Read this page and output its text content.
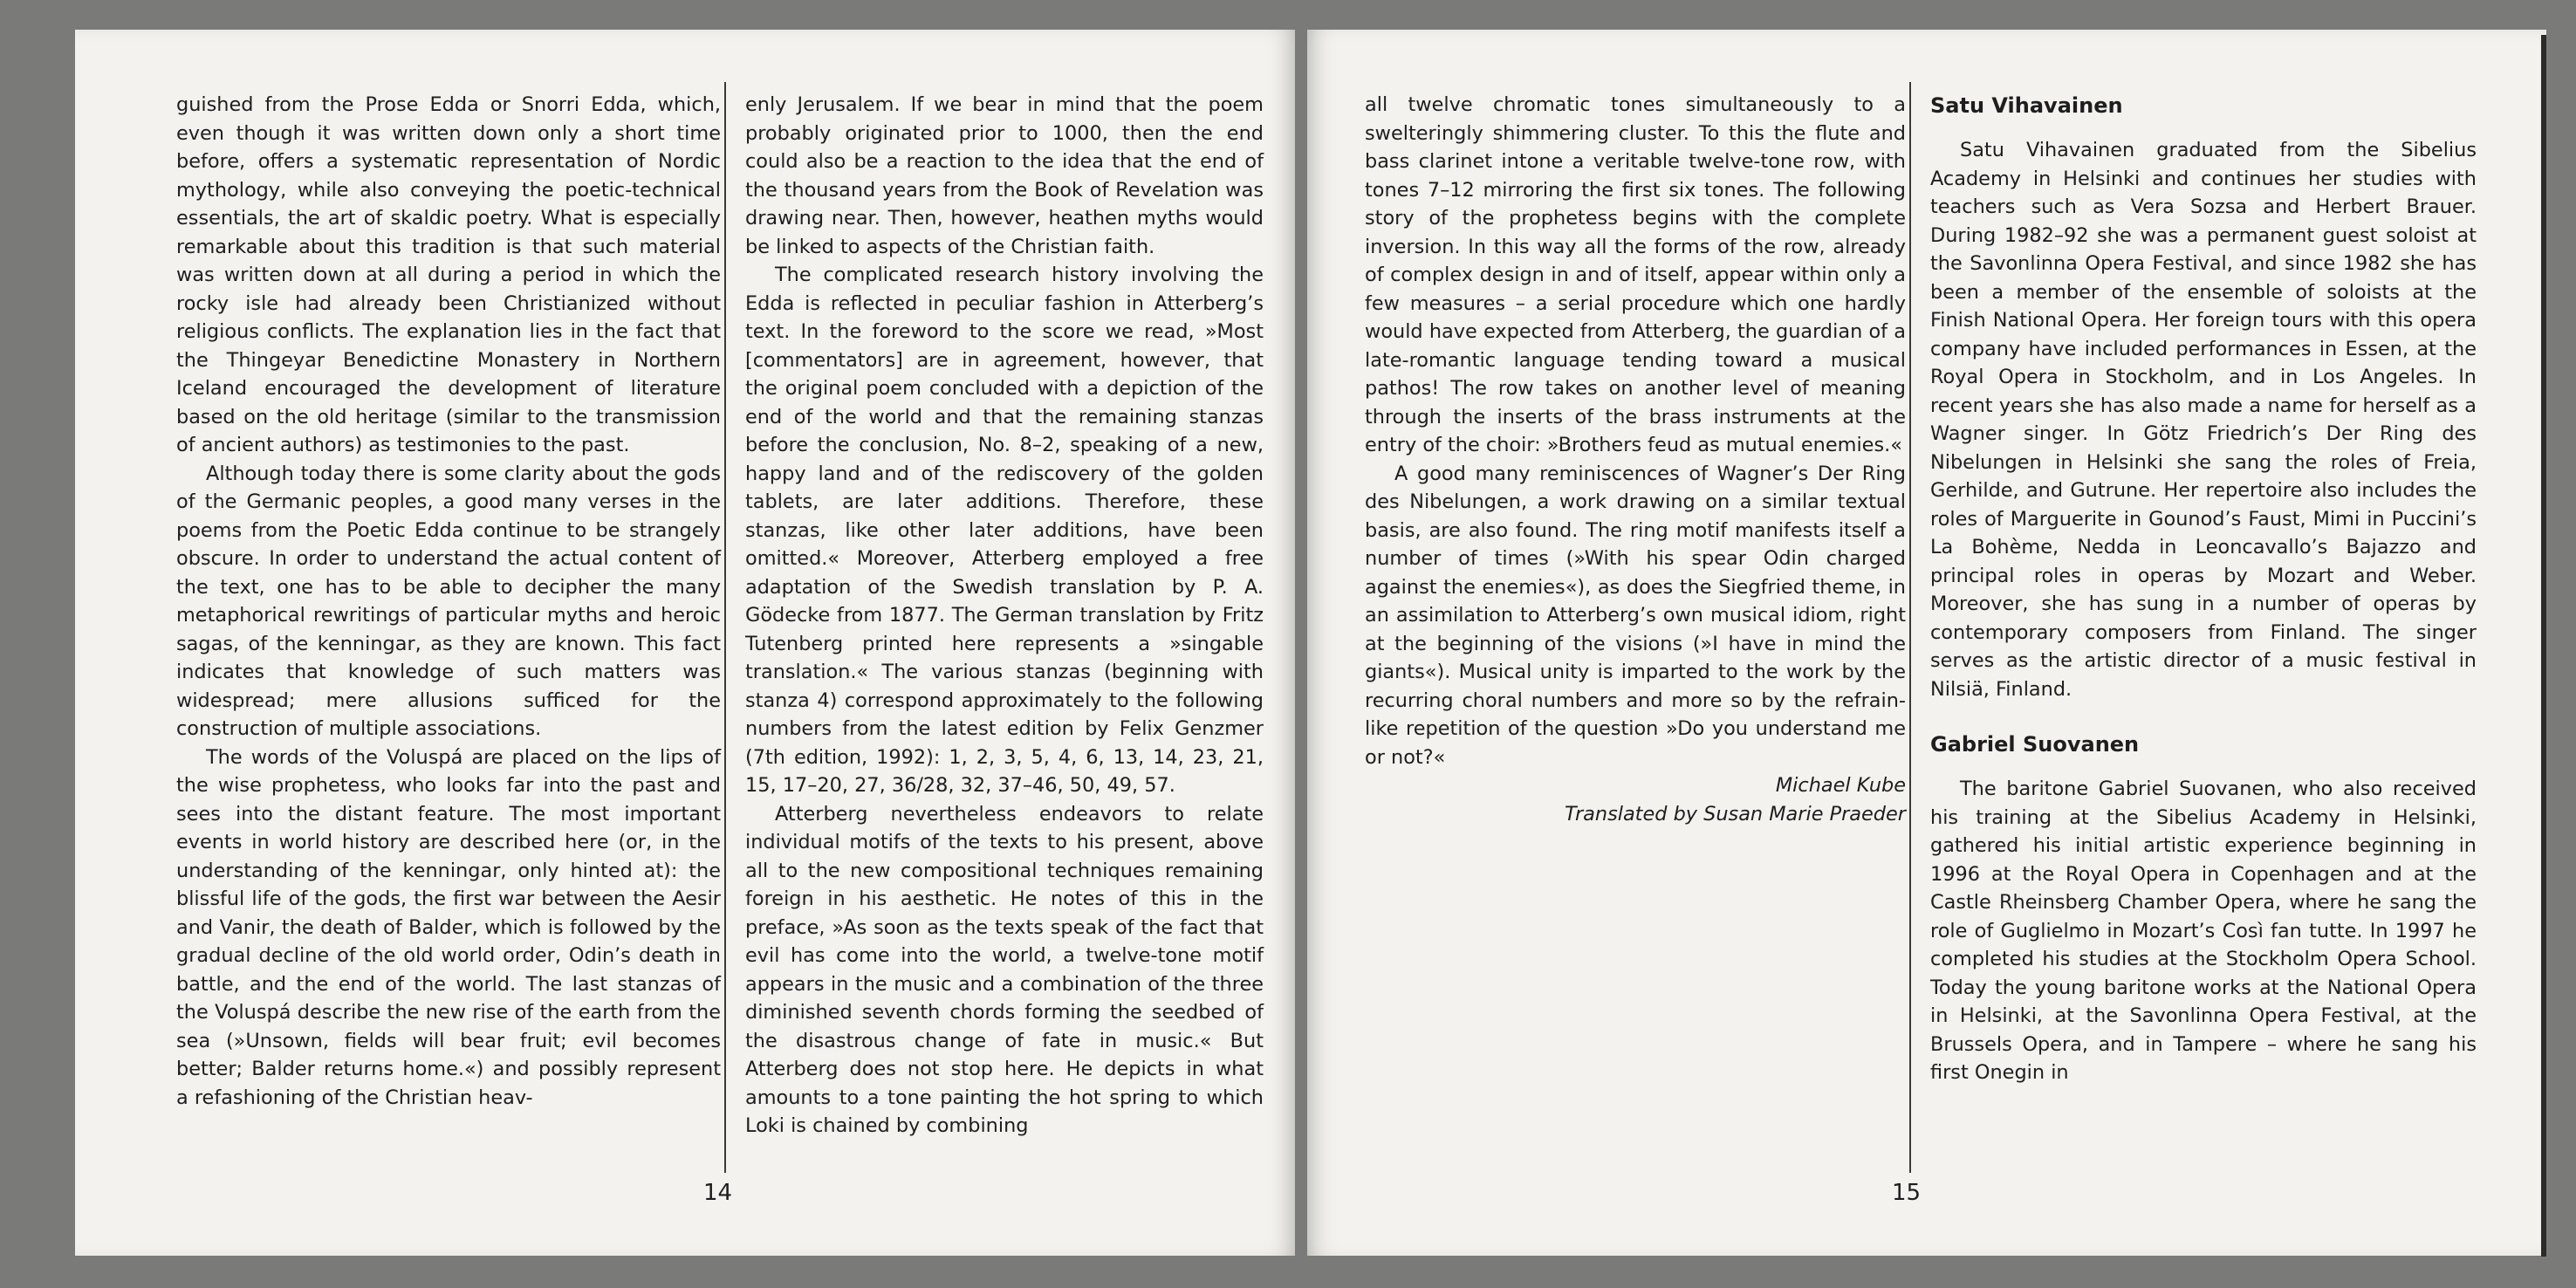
guished from the Prose Edda or Snorri Edda, which, even though it was written down only a short time before, offers a systematic representation of Nordic mythology, while also conveying the poetic-technical essentials, the art of skaldic poetry. What is especially remarkable about this tradition is that such material was written down at all during a period in which the rocky isle had already been Christianized without religious conflicts. The explanation lies in the fact that the Thingeyar Benedictine Monastery in Northern Iceland encouraged the development of literature based on the old heritage (similar to the transmission of ancient authors) as testimonies to the past.

Although today there is some clarity about the gods of the Germanic peoples, a good many verses in the poems from the Poetic Edda continue to be strangely obscure. In order to understand the actual content of the text, one has to be able to decipher the many metaphorical rewritings of particular myths and heroic sagas, of the kenningar, as they are known. This fact indicates that knowledge of such matters was widespread; mere allusions sufficed for the construction of multiple associations.

The words of the Voluspá are placed on the lips of the wise prophetess, who looks far into the past and sees into the distant feature. The most important events in world history are described here (or, in the understanding of the kenningar, only hinted at): the blissful life of the gods, the first war between the Aesir and Vanir, the death of Balder, which is followed by the gradual decline of the old world order, Odin’s death in battle, and the end of the world. The last stanzas of the Voluspá describe the new rise of the earth from the sea (»Unsown, fields will bear fruit; evil becomes better; Balder returns home.«) and possibly represent a refashioning of the Christian heav-

enly Jerusalem. If we bear in mind that the poem probably originated prior to 1000, then the end could also be a reaction to the idea that the end of the thousand years from the Book of Revelation was drawing near. Then, however, heathen myths would be linked to aspects of the Christian faith.

The complicated research history involving the Edda is reflected in peculiar fashion in Atterberg’s text. In the foreword to the score we read, »Most [commentators] are in agreement, however, that the original poem concluded with a depiction of the end of the world and that the remaining stanzas before the conclusion, No. 8–2, speaking of a new, happy land and of the rediscovery of the golden tablets, are later additions. Therefore, these stanzas, like other later additions, have been omitted.« Moreover, Atterberg employed a free adaptation of the Swedish translation by P. A. Gödecke from 1877. The German translation by Fritz Tutenberg printed here represents a »singable translation.« The various stanzas (beginning with stanza 4) correspond approximately to the following numbers from the latest edition by Felix Genzmer (7th edition, 1992): 1, 2, 3, 5, 4, 6, 13, 14, 23, 21, 15, 17–20, 27, 36/28, 32, 37–46, 50, 49, 57.

Atterberg nevertheless endeavors to relate individual motifs of the texts to his present, above all to the new compositional techniques remaining foreign in his aesthetic. He notes of this in the preface, »As soon as the texts speak of the fact that evil has come into the world, a twelve-tone motif appears in the music and a combination of the three diminished seventh chords forming the seedbed of the disastrous change of fate in music.« But Atterberg does not stop here. He depicts in what amounts to a tone painting the hot spring to which Loki is chained by combining

14

all twelve chromatic tones simultaneously to a swelteringly shimmering cluster. To this the flute and bass clarinet intone a veritable twelve-tone row, with tones 7–12 mirroring the first six tones. The following story of the prophetess begins with the complete inversion. In this way all the forms of the row, already of complex design in and of itself, appear within only a few measures – a serial procedure which one hardly would have expected from Atterberg, the guardian of a late-romantic language tending toward a musical pathos! The row takes on another level of meaning through the inserts of the brass instruments at the entry of the choir: »Brothers feud as mutual enemies.«

A good many reminiscences of Wagner’s Der Ring des Nibelungen, a work drawing on a similar textual basis, are also found. The ring motif manifests itself a number of times (»With his spear Odin charged against the enemies«), as does the Siegfried theme, in an assimilation to Atterberg’s own musical idiom, right at the beginning of the visions (»I have in mind the giants«). Musical unity is imparted to the work by the recurring choral numbers and more so by the refrain-like repetition of the question »Do you understand me or not?«

Michael Kube

Translated by Susan Marie Praeder

Satu Vihavainen

Satu Vihavainen graduated from the Sibelius Academy in Helsinki and continues her studies with teachers such as Vera Sozsa and Herbert Brauer. During 1982–92 she was a permanent guest soloist at the Savonlinna Opera Festival, and since 1982 she has been a member of the ensemble of soloists at the Finish National Opera. Her foreign tours with this opera company have included performances in Essen, at the Royal Opera in Stockholm, and in Los Angeles. In recent years she has also made a name for herself as a Wagner singer. In Götz Friedrich’s Der Ring des Nibelungen in Helsinki she sang the roles of Freia, Gerhilde, and Gutrune. Her repertoire also includes the roles of Marguerite in Gounod’s Faust, Mimi in Puccini’s La Bohème, Nedda in Leoncavallo’s Bajazzo and principal roles in operas by Mozart and Weber. Moreover, she has sung in a number of operas by contemporary composers from Finland. The singer serves as the artistic director of a music festival in Nilsiä, Finland.

Gabriel Suovanen

The baritone Gabriel Suovanen, who also received his training at the Sibelius Academy in Helsinki, gathered his initial artistic experience beginning in 1996 at the Royal Opera in Copenhagen and at the Castle Rheinsberg Chamber Opera, where he sang the role of Guglielmo in Mozart’s Così fan tutte. In 1997 he completed his studies at the Stockholm Opera School. Today the young baritone works at the National Opera in Helsinki, at the Savonlinna Opera Festival, at the Brussels Opera, and in Tampere – where he sang his first Onegin in

15
